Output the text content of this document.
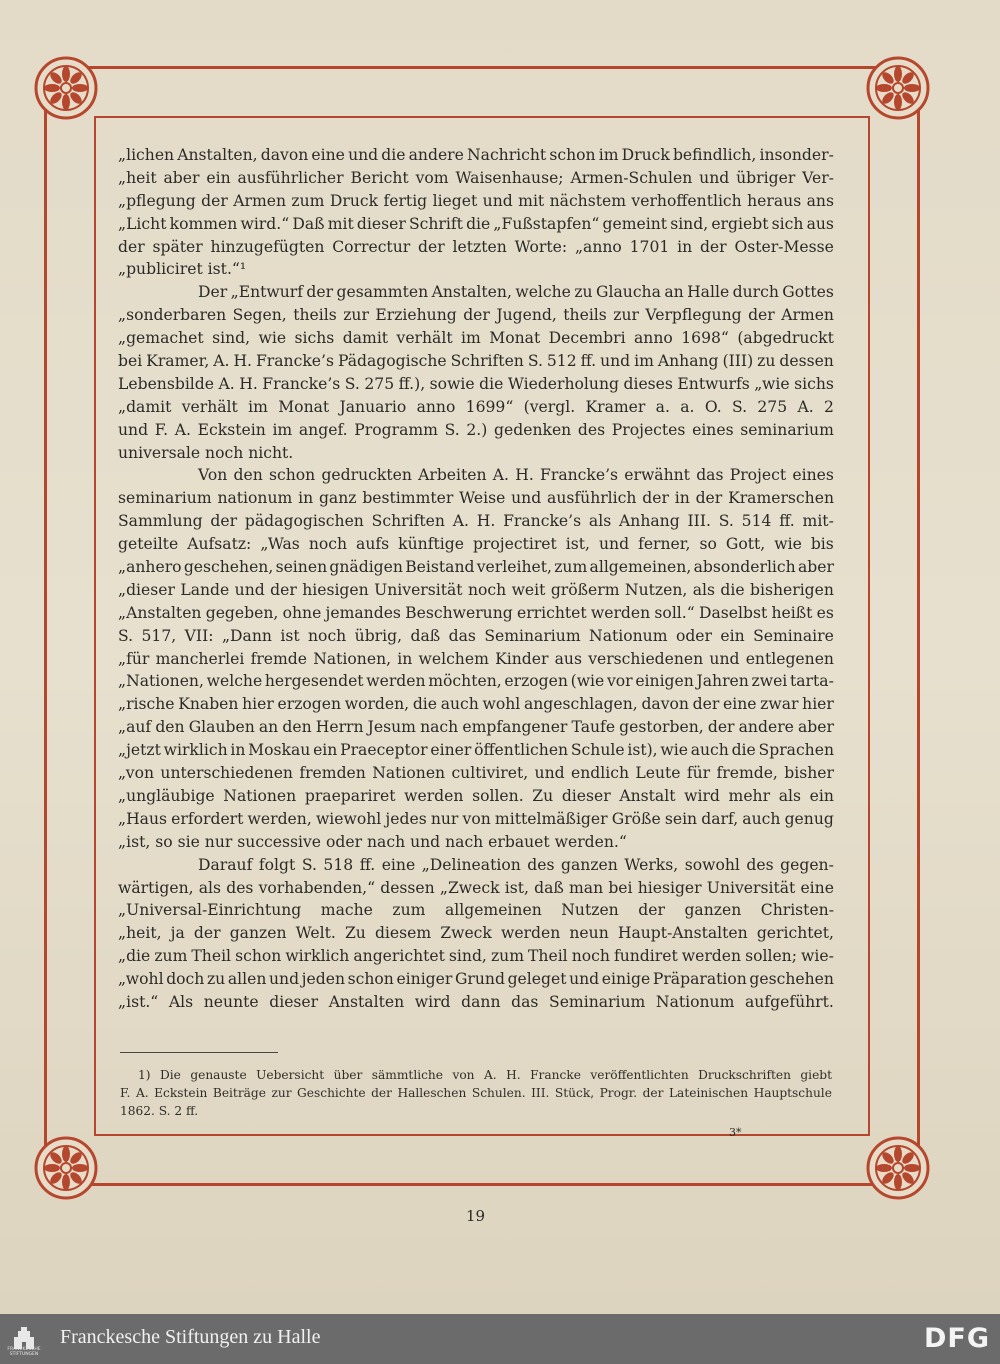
„lichen Anstalten, davon eine und die andere Nachricht schon im Druck befindlich, insonder-
„heit aber ein ausführlicher Bericht vom Waisenhause; Armen-Schulen und übriger Ver-
„pflegung der Armen zum Druck fertig lieget und mit nächstem verhoffentlich heraus ans
„Licht kommen wird.“ Daß mit dieser Schrift die „Fußstapfen“ gemeint sind, ergiebt sich aus
der später hinzugefügten Correctur der letzten Worte: „anno 1701 in der Oster-Messe
„publiciret ist.“¹
Der „Entwurf der gesammten Anstalten, welche zu Glaucha an Halle durch Gottes
„sonderbaren Segen, theils zur Erziehung der Jugend, theils zur Verpflegung der Armen
„gemachet sind, wie sichs damit verhält im Monat Decembri anno 1698“ (abgedruckt
bei Kramer, A. H. Francke’s Pädagogische Schriften S. 512 ff. und im Anhang (III) zu dessen
Lebensbilde A. H. Francke’s S. 275 ff.), sowie die Wiederholung dieses Entwurfs „wie sichs
„damit verhält im Monat Januario anno 1699“ (vergl. Kramer a. a. O. S. 275 A. 2
und F. A. Eckstein im angef. Programm S. 2.) gedenken des Projectes eines seminarium
universale noch nicht.
Von den schon gedruckten Arbeiten A. H. Francke’s erwähnt das Project eines
seminarium nationum in ganz bestimmter Weise und ausführlich der in der Kramerschen
Sammlung der pädagogischen Schriften A. H. Francke’s als Anhang III. S. 514 ff. mit-
geteilte Aufsatz: „Was noch aufs künftige projectiret ist, und ferner, so Gott, wie bis
„anhero geschehen, seinen gnädigen Beistand verleihet, zum allgemeinen, absonderlich aber
„dieser Lande und der hiesigen Universität noch weit größerm Nutzen, als die bisherigen
„Anstalten gegeben, ohne jemandes Beschwerung errichtet werden soll.“ Daselbst heißt es
S. 517, VII: „Dann ist noch übrig, daß das Seminarium Nationum oder ein Seminaire
„für mancherlei fremde Nationen, in welchem Kinder aus verschiedenen und entlegenen
„Nationen, welche hergesendet werden möchten, erzogen (wie vor einigen Jahren zwei tarta-
„rische Knaben hier erzogen worden, die auch wohl angeschlagen, davon der eine zwar hier
„auf den Glauben an den Herrn Jesum nach empfangener Taufe gestorben, der andere aber
„jetzt wirklich in Moskau ein Praeceptor einer öffentlichen Schule ist), wie auch die Sprachen
„von unterschiedenen fremden Nationen cultiviret, und endlich Leute für fremde, bisher
„ungläubige Nationen praepariret werden sollen. Zu dieser Anstalt wird mehr als ein
„Haus erfordert werden, wiewohl jedes nur von mittelmäßiger Größe sein darf, auch genug
„ist, so sie nur successive oder nach und nach erbauet werden.“
Darauf folgt S. 518 ff. eine „Delineation des ganzen Werks, sowohl des gegen-
wärtigen, als des vorhabenden,“ dessen „Zweck ist, daß man bei hiesiger Universität eine
„Universal-Einrichtung mache zum allgemeinen Nutzen der ganzen Christen-
„heit, ja der ganzen Welt. Zu diesem Zweck werden neun Haupt-Anstalten gerichtet,
„die zum Theil schon wirklich angerichtet sind, zum Theil noch fundiret werden sollen; wie-
„wohl doch zu allen und jeden schon einiger Grund geleget und einige Präparation geschehen
„ist.“ Als neunte dieser Anstalten wird dann das Seminarium Nationum aufgeführt.
1) Die genauste Uebersicht über sämmtliche von A. H. Francke veröffentlichten Druckschriften giebt
F. A. Eckstein Beiträge zur Geschichte der Halleschen Schulen. III. Stück, Progr. der Lateinischen Hauptschule
1862. S. 2 ff.
3*
19
FRANCKESCHE STIFTUNGEN
Franckesche Stiftungen zu Halle	DFG
